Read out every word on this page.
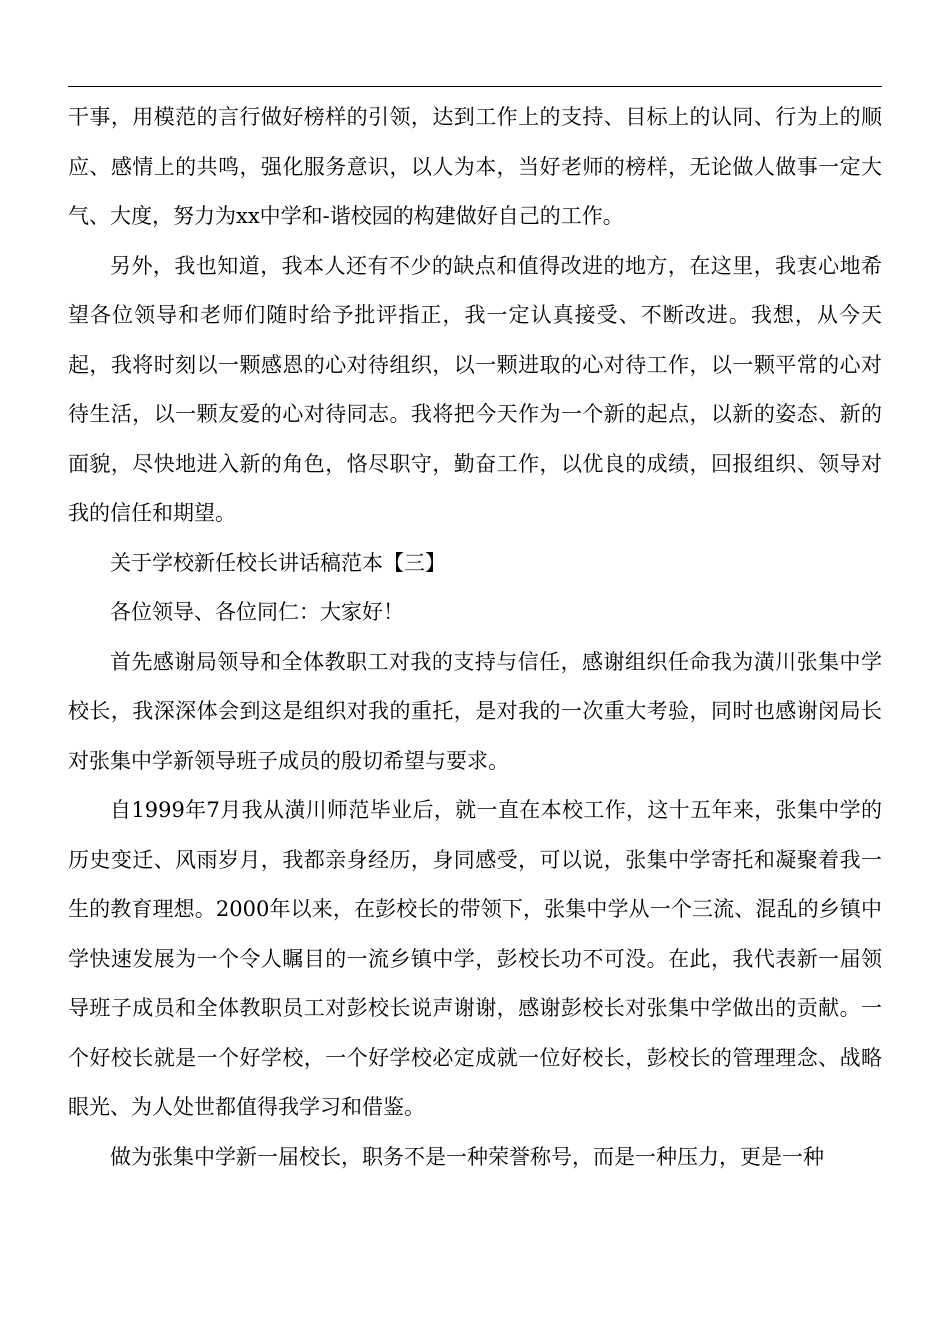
干事，用模范的言行做好榜样的引领，达到工作上的支持、目标上的认同、行为上的顺应、感情上的共鸣，强化服务意识，以人为本，当好老师的榜样，无论做人做事一定大气、大度，努力为xx中学和-谐校园的构建做好自己的工作。

另外，我也知道，我本人还有不少的缺点和值得改进的地方，在这里，我衷心地希望各位领导和老师们随时给予批评指正，我一定认真接受、不断改进。我想，从今天起，我将时刻以一颗感恩的心对待组织，以一颗进取的心对待工作，以一颗平常的心对待生活，以一颗友爱的心对待同志。我将把今天作为一个新的起点，以新的姿态、新的面貌，尽快地进入新的角色，恪尽职守，勤奋工作，以优良的成绩，回报组织、领导对我的信任和期望。

关于学校新任校长讲话稿范本【三】

各位领导、各位同仁：大家好！

首先感谢局领导和全体教职工对我的支持与信任，感谢组织任命我为潢川张集中学校长，我深深体会到这是组织对我的重托，是对我的一次重大考验，同时也感谢闵局长对张集中学新领导班子成员的殷切希望与要求。

自1999年7月我从潢川师范毕业后，就一直在本校工作，这十五年来，张集中学的历史变迁、风雨岁月，我都亲身经历，身同感受，可以说，张集中学寄托和凝聚着我一生的教育理想。2000年以来，在彭校长的带领下，张集中学从一个三流、混乱的乡镇中学快速发展为一个令人瞩目的一流乡镇中学，彭校长功不可没。在此，我代表新一届领导班子成员和全体教职员工对彭校长说声谢谢，感谢彭校长对张集中学做出的贡献。一个好校长就是一个好学校，一个好学校必定成就一位好校长，彭校长的管理理念、战略眼光、为人处世都值得我学习和借鉴。

做为张集中学新一届校长，职务不是一种荣誉称号，而是一种压力，更是一种
